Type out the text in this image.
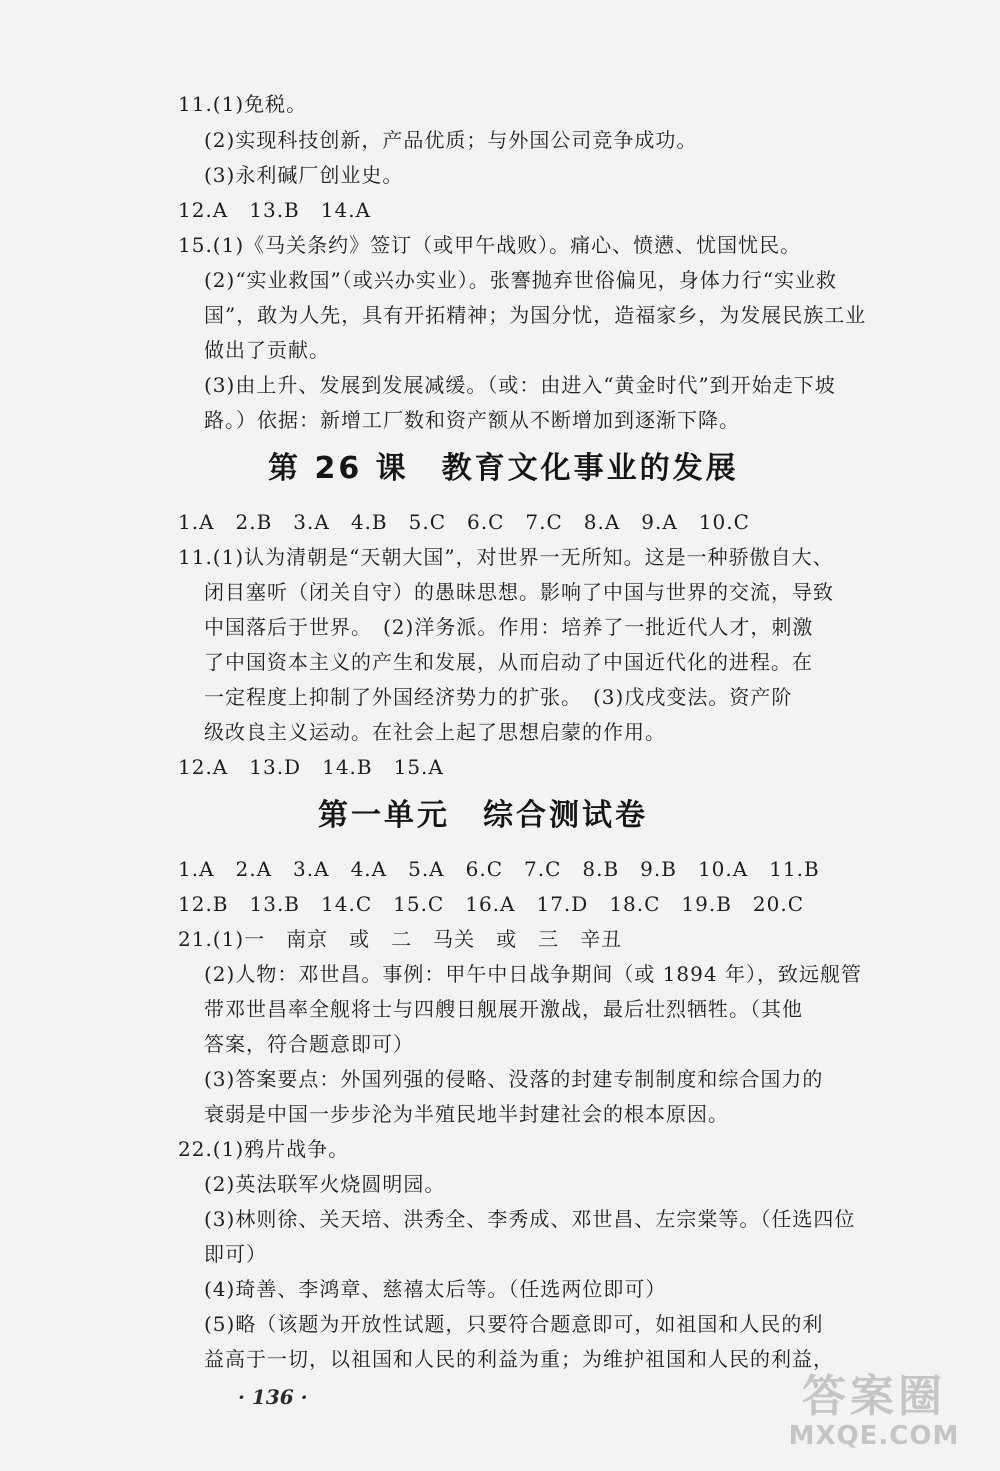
11.(1)免税。
(2)实现科技创新，产品优质；与外国公司竞争成功。
(3)永利碱厂创业史。
12.A　13.B　14.A
15.(1)《马关条约》签订（或甲午战败）。痛心、愤懑、忧国忧民。
(2)“实业救国”（或兴办实业）。张謇抛弃世俗偏见，身体力行“实业救
国”，敢为人先，具有开拓精神；为国分忧，造福家乡，为发展民族工业
做出了贡献。
(3)由上升、发展到发展减缓。（或：由进入“黄金时代”到开始走下坡
路。）依据：新增工厂数和资产额从不断增加到逐渐下降。
第 26 课　教育文化事业的发展
1.A　2.B　3.A　4.B　5.C　6.C　7.C　8.A　9.A　10.C
11.(1)认为清朝是“天朝大国”，对世界一无所知。这是一种骄傲自大、
闭目塞听（闭关自守）的愚昧思想。影响了中国与世界的交流，导致
中国落后于世界。　(2)洋务派。作用：培养了一批近代人才，刺激
了中国资本主义的产生和发展，从而启动了中国近代化的进程。在
一定程度上抑制了外国经济势力的扩张。　(3)戊戌变法。资产阶
级改良主义运动。在社会上起了思想启蒙的作用。
12.A　13.D　14.B　15.A
第一单元　综合测试卷
1.A　2.A　3.A　4.A　5.A　6.C　7.C　8.B　9.B　10.A　11.B
12.B　13.B　14.C　15.C　16.A　17.D　18.C　19.B　20.C
21.(1)一　南京　或　二　马关　或　三　辛丑
(2)人物：邓世昌。事例：甲午中日战争期间（或 1894 年），致远舰管
带邓世昌率全舰将士与四艘日舰展开激战，最后壮烈牺牲。（其他
答案，符合题意即可）
(3)答案要点：外国列强的侵略、没落的封建专制制度和综合国力的
衰弱是中国一步步沦为半殖民地半封建社会的根本原因。
22.(1)鸦片战争。
(2)英法联军火烧圆明园。
(3)林则徐、关天培、洪秀全、李秀成、邓世昌、左宗棠等。（任选四位
即可）
(4)琦善、李鸿章、慈禧太后等。（任选两位即可）
(5)略（该题为开放性试题，只要符合题意即可，如祖国和人民的利
益高于一切，以祖国和人民的利益为重；为维护祖国和人民的利益，
· 136 ·	答案圈
MXQE.COM
